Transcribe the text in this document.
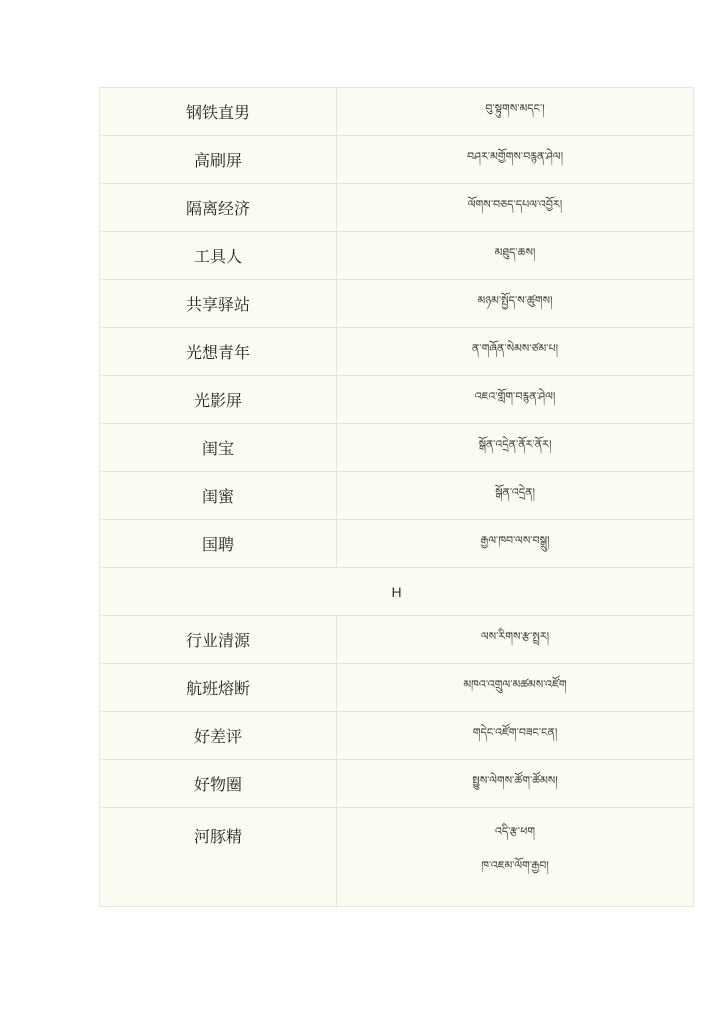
钢铁直男	བུ་སྟུགས་མདང་།
高刷屏	བཤར་མགྱོགས་བརྙན་ཤེལ།
隔离经济	ལོགས་བཅད་དཔལ་འབྱོར།
工具人	མཐུད་ཆས།
共享驿站	མཉམ་སྤྱོད་ས་ཚུགས།
光想青年	ན་གཞོན་སེམས་ཙམ་པ།
光影屏	འཇའ་གློག་བརྙན་ཤེལ།
闺宝	སྒོན་འདྲེན་ནོར་ནོར།
闺蜜	སྒོན་འདྲེན།
国聘	རྒྱལ་ཁབ་ལས་བསྒྲུ།
H	
行业清源	ལས་རིགས་རྩ་སྤྲར།
航班熔断	མཁའ་འགྲུལ་མཚམས་འཛོག
好差评	གདེང་འཛོག་བཟང་ངན།
好物圈	སྤྱུས་ལེགས་ཚོག་ཚོམས།
河豚精	འདི་རྩ་ཕག
ཁ་འཇམ་ལོག་རྒྱབ།
